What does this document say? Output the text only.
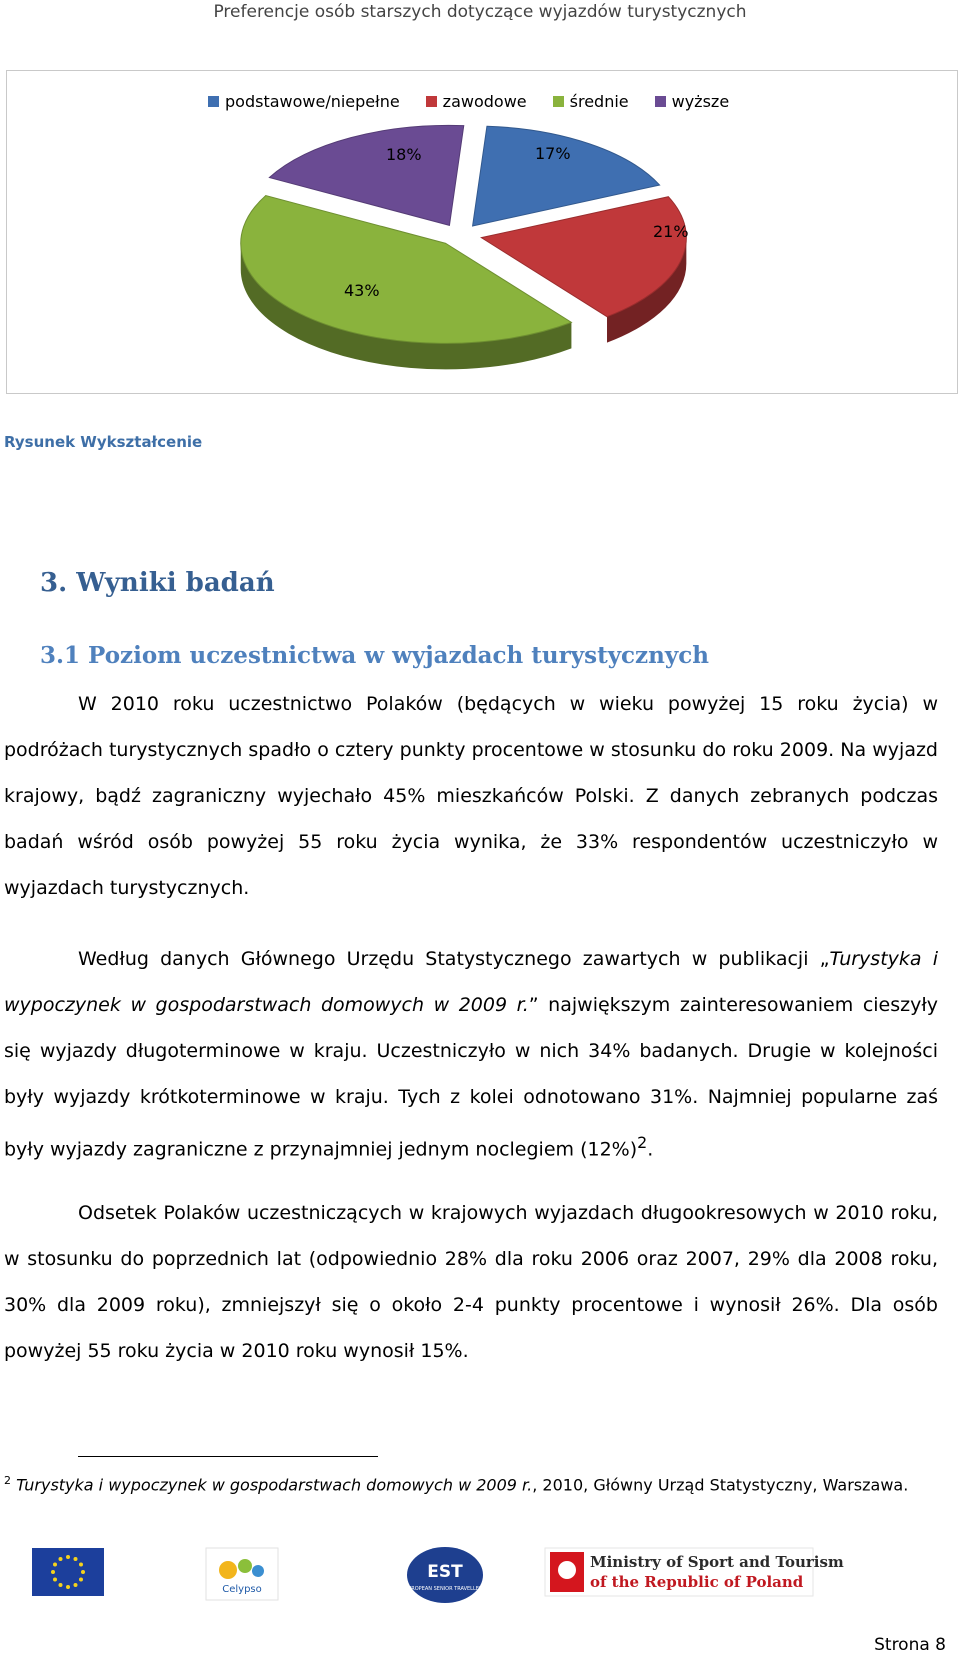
Preferencje osób starszych dotyczące wyjazdów turystycznych
podstawowe/niepełne	zawodowe	średnie	wyższe
18%	17%
21%
43%
Rysunek Wykształcenie
3. Wyniki badań
3.1 Poziom uczestnictwa w wyjazdach turystycznych

W 2010 roku uczestnictwo Polaków (będących w wieku powyżej 15 roku życia) w podróżach turystycznych spadło o cztery punkty procentowe w stosunku do roku 2009. Na wyjazd krajowy, bądź zagraniczny wyjechało 45% mieszkańców Polski. Z danych zebranych podczas badań wśród osób powyżej 55 roku życia wynika, że 33% respondentów uczestniczyło w wyjazdach turystycznych.

Według danych Głównego Urzędu Statystycznego zawartych w publikacji „Turystyka i wypoczynek w gospodarstwach domowych w 2009 r.” największym zainteresowaniem cieszyły się wyjazdy długoterminowe w kraju. Uczestniczyło w nich 34% badanych. Drugie w kolejności były wyjazdy krótkoterminowe w kraju. Tych z kolei odnotowano 31%. Najmniej popularne zaś były wyjazdy zagraniczne z przynajmniej jednym noclegiem $(12\%)^2$.

Odsetek Polaków uczestniczących w krajowych wyjazdach długookresowych w 2010 roku, w stosunku do poprzednich lat (odpowiednio 28% dla roku 2006 oraz 2007, 29% dla 2008 roku, 30% dla 2009 roku), zmniejszył się o około 2-4 punkty procentowe i wynosił 26%. Dla osób powyżej 55 roku życia w 2010 roku wynosił 15%.

$^2$ Turystyka i wypoczynek w gospodarstwach domowych w 2009 r., 2010, Główny Urząd Statystyczny, Warszawa.
Celypso
EST
EUROPEAN SENIOR TRAVELLERS
Ministry of Sport and Tourism
of the Republic of Poland
Strona 8
